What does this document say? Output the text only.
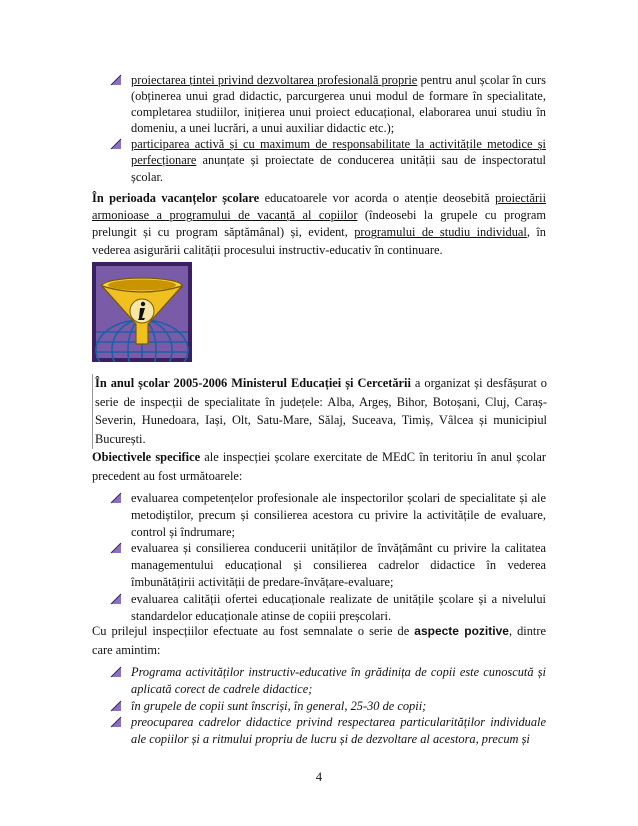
proiectarea țintei privind dezvoltarea profesională proprie pentru anul școlar în curs (obținerea unui grad didactic, parcurgerea unui modul de formare în specialitate, completarea studiilor, inițierea unui proiect educațional, elaborarea unui studiu în domeniu, a unei lucrări, a unui auxiliar didactic etc.);
participarea activă și cu maximum de responsabilitate la activitățile metodice și perfecționare anunțate și proiectate de conducerea unității sau de inspectoratul școlar.
În perioada vacanțelor școlare educatoarele vor acorda o atenție deosebită proiectării armonioase a programului de vacanță al copiilor (îndeosebi la grupele cu program prelungit și cu program săptămânal) și, evident, programului de studiu individual, în vederea asigurării calității procesului instructiv-educativ în continuare.
În anul școlar 2005-2006 Ministerul Educației și Cercetării a organizat și desfășurat o serie de inspecții de specialitate în județele: Alba, Argeș, Bihor, Botoșani, Cluj, Caraș-Severin, Hunedoara, Iași, Olt, Satu-Mare, Sălaj, Suceava, Timiș, Vâlcea și municipiul București.
Obiectivele specifice ale inspecției școlare exercitate de MEdC în teritoriu în anul școlar precedent au fost următoarele:
evaluarea competențelor profesionale ale inspectorilor școlari de specialitate și ale metodiștilor, precum și consilierea acestora cu privire la activitățile de evaluare, control și îndrumare;
evaluarea și consilierea conducerii unităților de învățământ cu privire la calitatea managementului educațional și consilierea cadrelor didactice în vederea îmbunătățirii activității de predare-învățare-evaluare;
evaluarea calității ofertei educaționale realizate de unitățile școlare și a nivelului standardelor educaționale atinse de copiii preșcolari.
Cu prilejul inspecțiilor efectuate au fost semnalate o serie de aspecte pozitive, dintre care amintim:
Programa activităților instructiv-educative în grădinița de copii este cunoscută și aplicată corect de cadrele didactice;
în grupele de copii sunt înscriși, în general, 25-30 de copii;
preocuparea cadrelor didactice privind respectarea particularităților individuale ale copiilor și a ritmului propriu de lucru și de dezvoltare al acestora, precum și
4
